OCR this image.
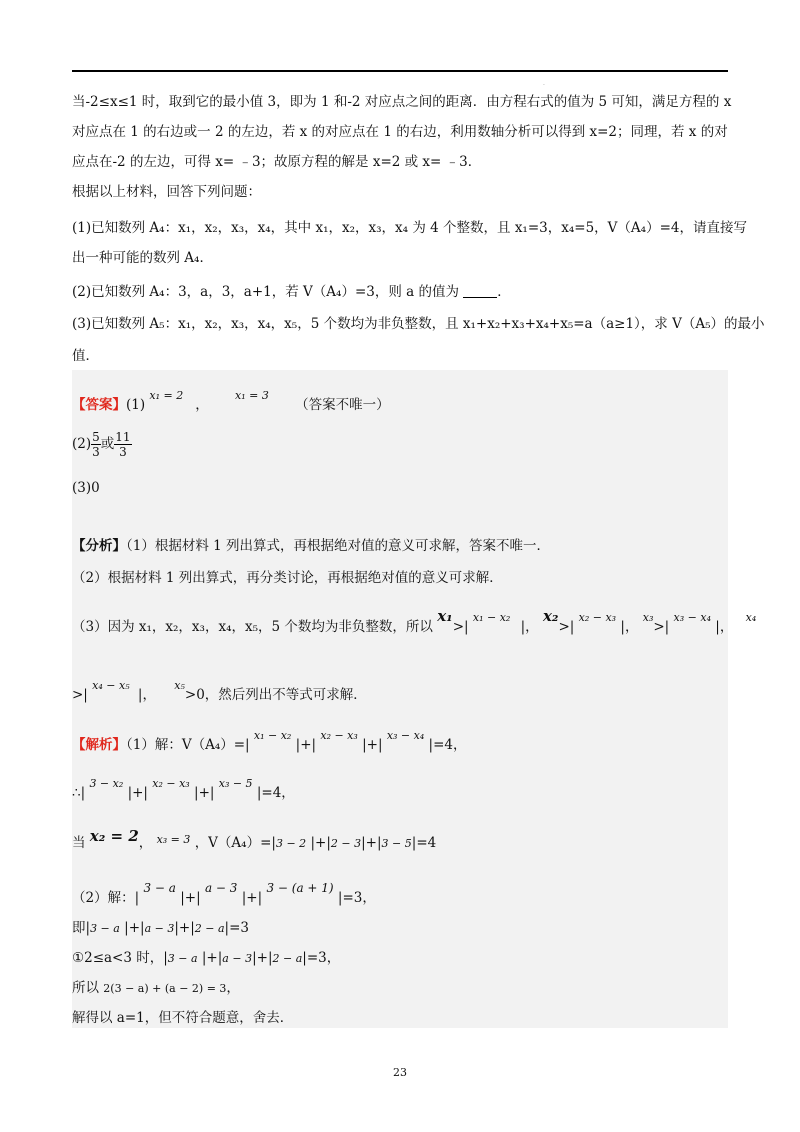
.
当-2≤x≤1 时，取到它的最小值 3，即为 1 和-2 对应点之间的距离．由方程右式的值为 5 可知，满足方程的 x
对应点在 1 的右边或一 2 的左边，若 x 的对应点在 1 的右边，利用数轴分析可以得到 x=2；同理，若 x 的对
应点在-2 的左边，可得 x= ﹣3；故原方程的解是 x=2 或 x= ﹣3．
根据以上材料，回答下列问题：
(1)已知数列 A₄：x₁，x₂，x₃，x₄，其中 x₁，x₂，x₃，x₄ 为 4 个整数，且 x₁=3，x₄=5，V（A₄）=4，请直接写
出一种可能的数列 A₄．
(2)已知数列 A₄：3，a，3，a+1，若 V（A₄）=3，则 a 的值为	．
(3)已知数列 A₅：x₁，x₂，x₃，x₄，x₅，5 个数均为非负整数，且 x₁+x₂+x₃+x₄+x₅=a（a≥1），求 V（A₅）的最小
值．
【答案】(1) x₁ = 2， x₁ = 3 （答案不唯一）
$(2) \frac{5}{3}$ 或 $\frac{11}{3}$
(3)0
【分析】（1）根据材料 1 列出算式，再根据绝对值的意义可求解，答案不唯一．
（2）根据材料 1 列出算式，再分类讨论，再根据绝对值的意义可求解．
（3）因为 x₁，x₂，x₃，x₄，x₅，5 个数均为非负整数，所以 x₁>| x₁ − x₂ |， x₂>| x₂ − x₃ |， x₃>| x₃ − x₄ |， x₄
>| x₄ − x₅ |， x₅>0，然后列出不等式可求解．
【解析】（1）解：V（A₄）=| x₁ − x₂ |+| x₂ − x₃ |+| x₃ − x₄ |=4，
∴| 3 − x₂ |+| x₂ − x₃ |+| x₃ − 5 |=4，
当 x₂ = 2， $^{x_3 = 3}$ ，V（A₄）=|3 − 2 |+|2 − 3|+|3 − 5|=4
（2）解：| 3 − a |+| a − 3 |+| 3 − (a + 1) |=3，
即|3 − a |+|a − 3|+|2 − a|=3
①2≤a<3 时，|3 − a |+|a − 3|+|2 − a|=3，
所以 2(3 − a) + (a − 2) = 3，
解得以 a=1，但不符合题意，舍去．
23
